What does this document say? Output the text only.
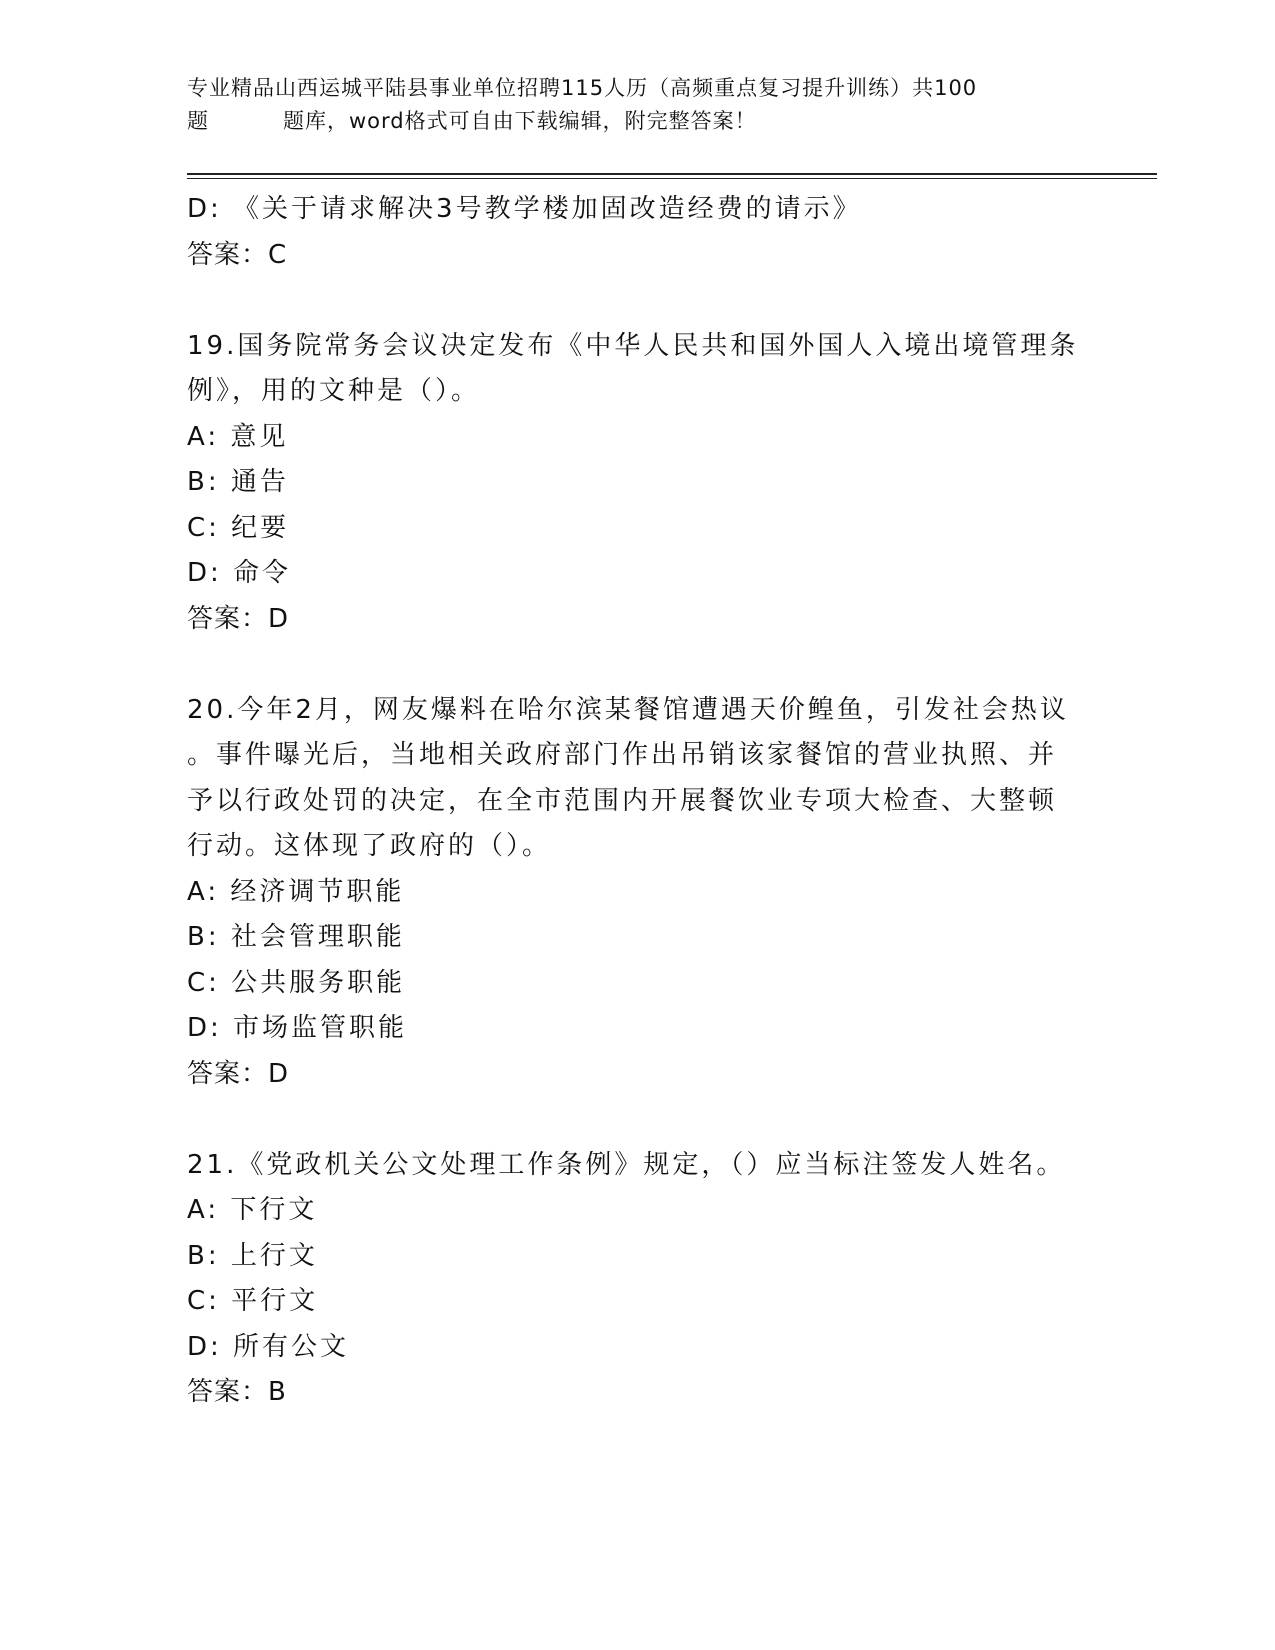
专业精品山西运城平陆县事业单位招聘115人历（高频重点复习提升训练）共100
题	题库，word格式可自由下载编辑，附完整答案！
D: 《关于请求解决3号教学楼加固改造经费的请示》
答案：C
19.国务院常务会议决定发布《中华人民共和国外国人入境出境管理条
例》，用的文种是（）。
A: 意见
B: 通告
C: 纪要
D: 命令
答案：D
20.今年2月，网友爆料在哈尔滨某餐馆遭遇天价鳇鱼，引发社会热议
。事件曝光后，当地相关政府部门作出吊销该家餐馆的营业执照、并
予以行政处罚的决定，在全市范围内开展餐饮业专项大检查、大整顿
行动。这体现了政府的（）。
A: 经济调节职能
B: 社会管理职能
C: 公共服务职能
D: 市场监管职能
答案：D
21.《党政机关公文处理工作条例》规定，（）应当标注签发人姓名。
A: 下行文
B: 上行文
C: 平行文
D: 所有公文
答案：B
